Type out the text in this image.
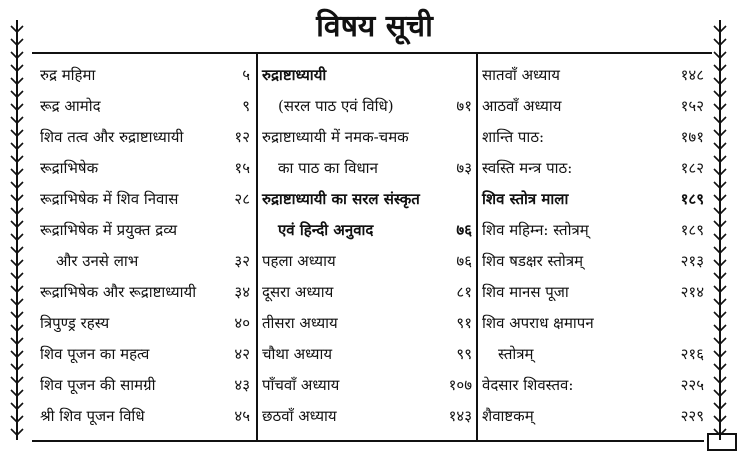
विषय सूची
रुद्र महिमा	५
रूद्र आमोद	९
शिव तत्व और रुद्राष्टाध्यायी	१२
रूद्राभिषेक	१५
रूद्राभिषेक में शिव निवास	२८
रूद्राभिषेक में प्रयुक्त द्रव्य
और उनसे लाभ	३२
रूद्राभिषेक और रूद्राष्टाध्यायी	३४
त्रिपुण्ड्र रहस्य	४०
शिव पूजन का महत्व	४२
शिव पूजन की सामग्री	४३
श्री शिव पूजन विधि	४५
रुद्राष्टाध्यायी
(सरल पाठ एवं विधि)	७१
रुद्राष्टाध्यायी में नमक-चमक
का पाठ का विधान	७३
रुद्राष्टाध्यायी का सरल संस्कृत
एवं हिन्दी अनुवाद	७६
पहला अध्याय	७६
दूसरा अध्याय	८१
तीसरा अध्याय	९१
चौथा अध्याय	९९
पाँचवाँ अध्याय	१०७
छठवाँ अध्याय	१४३
सातवाँ अध्याय	१४८
आठवाँ अध्याय	१५२
शान्ति पाठ:	१७१
स्वस्ति मन्त्र पाठ:	१८२
शिव स्तोत्र माला	१८९
शिव महिम्न: स्तोत्रम्	१८९
शिव षडक्षर स्तोत्रम्	२१३
शिव मानस पूजा	२१४
शिव अपराध क्षमापन
स्तोत्रम्	२१६
वेदसार शिवस्तव:	२२५
शैवाष्टकम्	२२९
